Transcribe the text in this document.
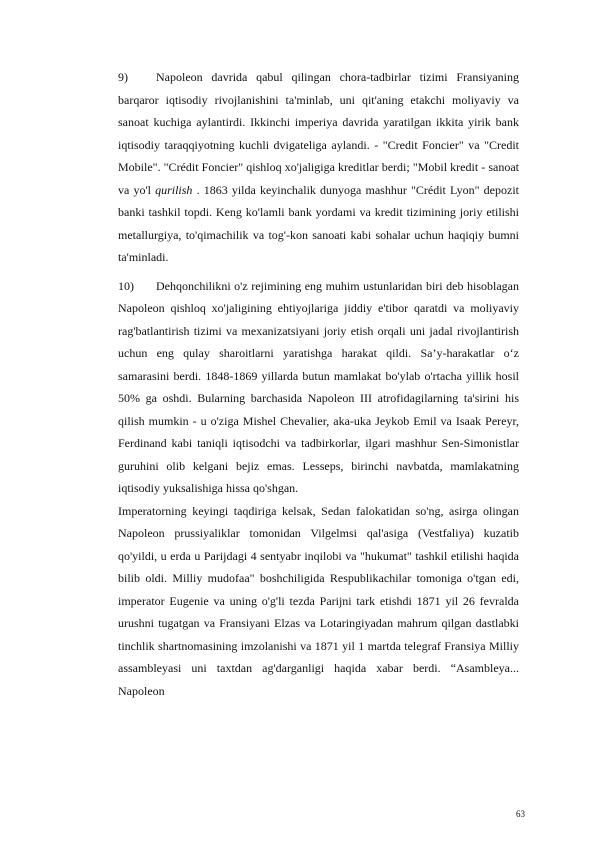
9) Napoleon davrida qabul qilingan chora-tadbirlar tizimi Fransiyaning barqaror iqtisodiy rivojlanishini ta'minlab, uni qit'aning etakchi moliyaviy va sanoat kuchiga aylantirdi. Ikkinchi imperiya davrida yaratilgan ikkita yirik bank iqtisodiy taraqqiyotning kuchli dvigateliga aylandi. - "Credit Foncier" va "Credit Mobile". "Crédit Foncier" qishloq xo'jaligiga kreditlar berdi; "Mobil kredit - sanoat va yo'l qurilish . 1863 yilda keyinchalik dunyoga mashhur "Crédit Lyon" depozit banki tashkil topdi. Keng ko'lamli bank yordami va kredit tizimining joriy etilishi metallurgiya, to'qimachilik va tog'-kon sanoati kabi sohalar uchun haqiqiy bumni ta'minladi.

10) Dehqonchilikni o'z rejimining eng muhim ustunlaridan biri deb hisoblagan Napoleon qishloq xo'jaligining ehtiyojlariga jiddiy e'tibor qaratdi va moliyaviy rag'batlantirish tizimi va mexanizatsiyani joriy etish orqali uni jadal rivojlantirish uchun eng qulay sharoitlarni yaratishga harakat qildi. Sa’y-harakatlar o‘z samarasini berdi. 1848-1869 yillarda butun mamlakat bo'ylab o'rtacha yillik hosil 50% ga oshdi. Bularning barchasida Napoleon III atrofidagilarning ta'sirini his qilish mumkin - u o'ziga Mishel Chevalier, aka-uka Jeykob Emil va Isaak Pereyr, Ferdinand kabi taniqli iqtisodchi va tadbirkorlar, ilgari mashhur Sen-Simonistlar guruhini olib kelgani bejiz emas. Lesseps, birinchi navbatda, mamlakatning iqtisodiy yuksalishiga hissa qo'shgan.

Imperatorning keyingi taqdiriga kelsak, Sedan falokatidan so'ng, asirga olingan Napoleon prussiyaliklar tomonidan Vilgelmsi qal'asiga (Vestfaliya) kuzatib qo'yildi, u erda u Parijdagi 4 sentyabr inqilobi va "hukumat" tashkil etilishi haqida bilib oldi. Milliy mudofaa" boshchiligida Respublikachilar tomoniga o'tgan edi, imperator Eugenie va uning o'g'li tezda Parijni tark etishdi 1871 yil 26 fevralda urushni tugatgan va Fransiyani Elzas va Lotaringiyadan mahrum qilgan dastlabki tinchlik shartnomasining imzolanishi va 1871 yil 1 martda telegraf Fransiya Milliy assambleyasi uni taxtdan ag'darganligi haqida xabar berdi. “Asambleya... Napoleon

63
